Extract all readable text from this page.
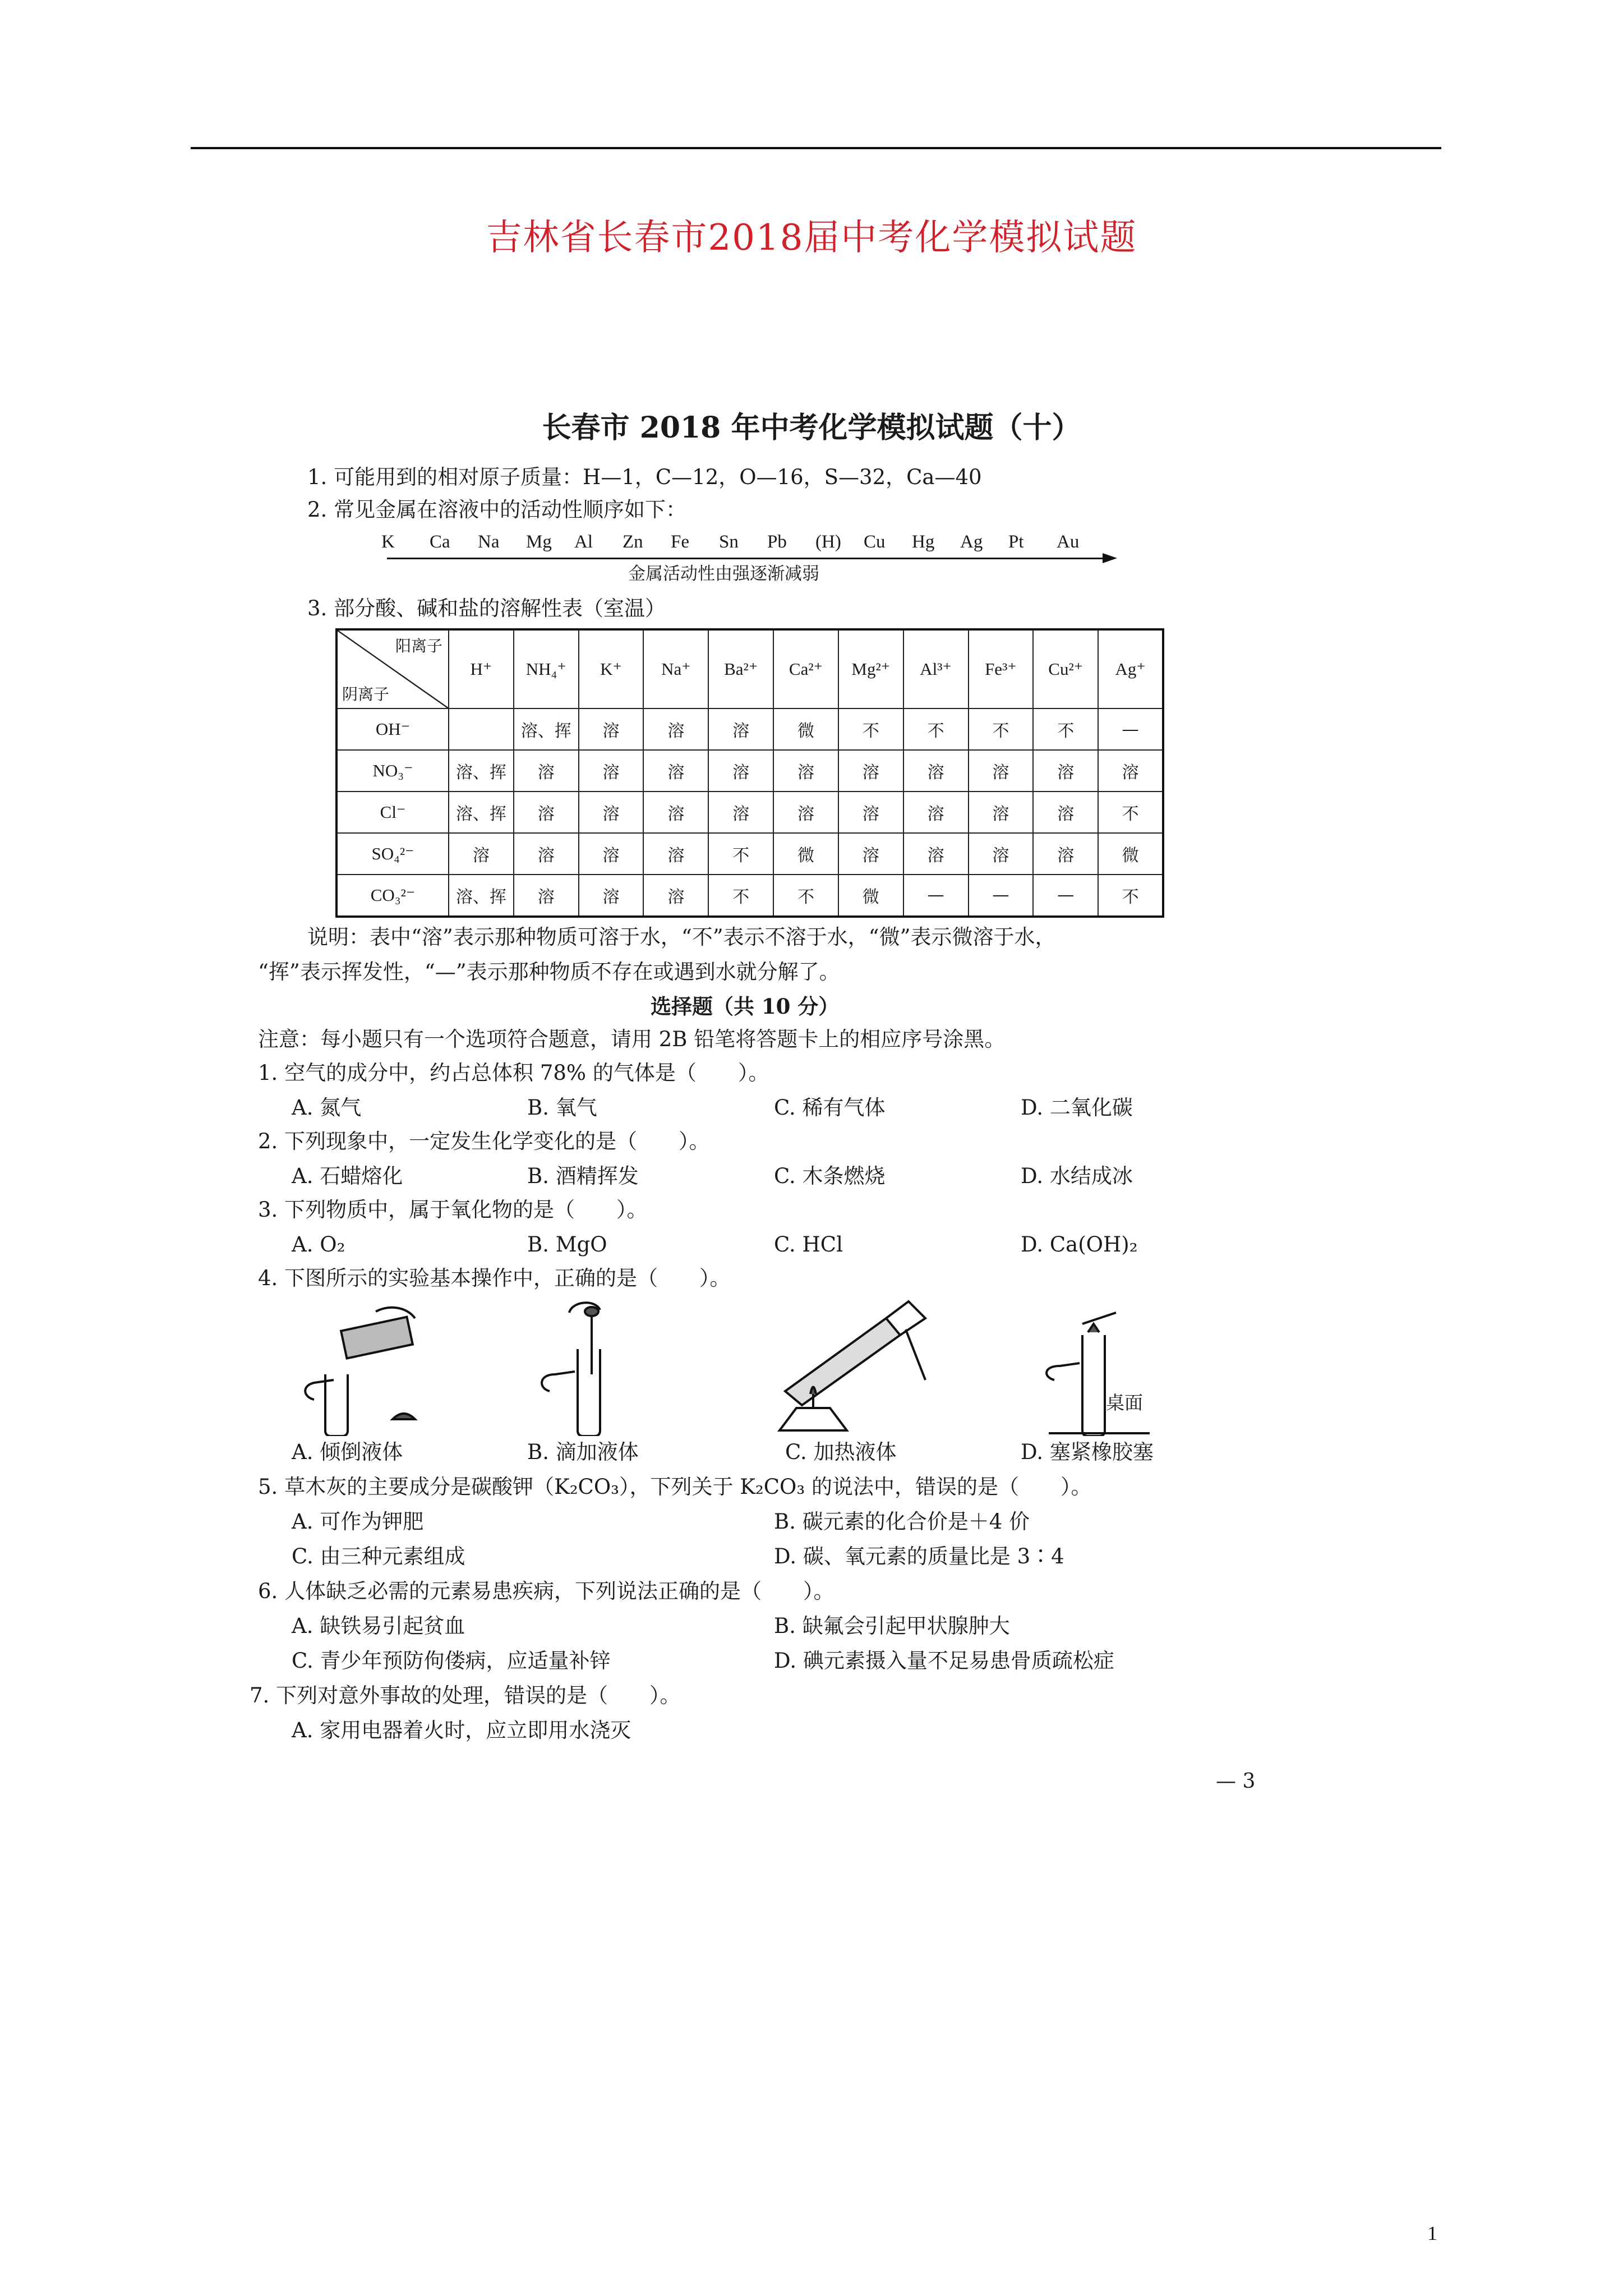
吉林省长春市2018届中考化学模拟试题
长春市 2018 年中考化学模拟试题（十）
1. 可能用到的相对原子质量：H—1，C—12，O—16，S—32，Ca—40
2. 常见金属在溶液中的活动性顺序如下：
K Ca Na Mg Al Zn Fe Sn Pb (H) Cu Hg Ag Pt Au
金属活动性由强逐渐减弱
3. 部分酸、碱和盐的溶解性表（室温）
阳离子
阴离子	H⁺	NH₄⁺	K⁺	Na⁺	Ba²⁺	Ca²⁺	Mg²⁺	Al³⁺	Fe³⁺	Cu²⁺	Ag⁺
OH⁻		溶、挥	溶	溶	溶	微	不	不	不	不	—
NO₃⁻	溶、挥	溶	溶	溶	溶	溶	溶	溶	溶	溶	溶
Cl⁻	溶、挥	溶	溶	溶	溶	溶	溶	溶	溶	溶	不
SO₄²⁻	溶	溶	溶	溶	不	微	溶	溶	溶	溶	微
CO₃²⁻	溶、挥	溶	溶	溶	不	不	微	—	—	—	不
说明：表中“溶”表示那种物质可溶于水，“不”表示不溶于水，“微”表示微溶于水，
“挥”表示挥发性，“—”表示那种物质不存在或遇到水就分解了。
选择题（共 10 分）
注意：每小题只有一个选项符合题意，请用 2B 铅笔将答题卡上的相应序号涂黑。
1. 空气的成分中，约占总体积 78% 的气体是（　　）。
A. 氮气	B. 氧气	C. 稀有气体	D. 二氧化碳
2. 下列现象中，一定发生化学变化的是（　　）。
A. 石蜡熔化	B. 酒精挥发	C. 木条燃烧	D. 水结成冰
3. 下列物质中，属于氧化物的是（　　）。
A. O₂	B. MgO	C. HCl	D. Ca(OH)₂
4. 下图所示的实验基本操作中，正确的是（　　）。
桌面
A. 倾倒液体	B. 滴加液体	C. 加热液体	D. 塞紧橡胶塞
5. 草木灰的主要成分是碳酸钾（K₂CO₃），下列关于 K₂CO₃ 的说法中，错误的是（　　）。
A. 可作为钾肥	B. 碳元素的化合价是＋4 价
C. 由三种元素组成	D. 碳、氧元素的质量比是 3∶4
6. 人体缺乏必需的元素易患疾病，下列说法正确的是（　　）。
A. 缺铁易引起贫血	B. 缺氟会引起甲状腺肿大
C. 青少年预防佝偻病，应适量补锌	D. 碘元素摄入量不足易患骨质疏松症
7. 下列对意外事故的处理，错误的是（　　）。
A. 家用电器着火时，应立即用水浇灭
— 3
1
